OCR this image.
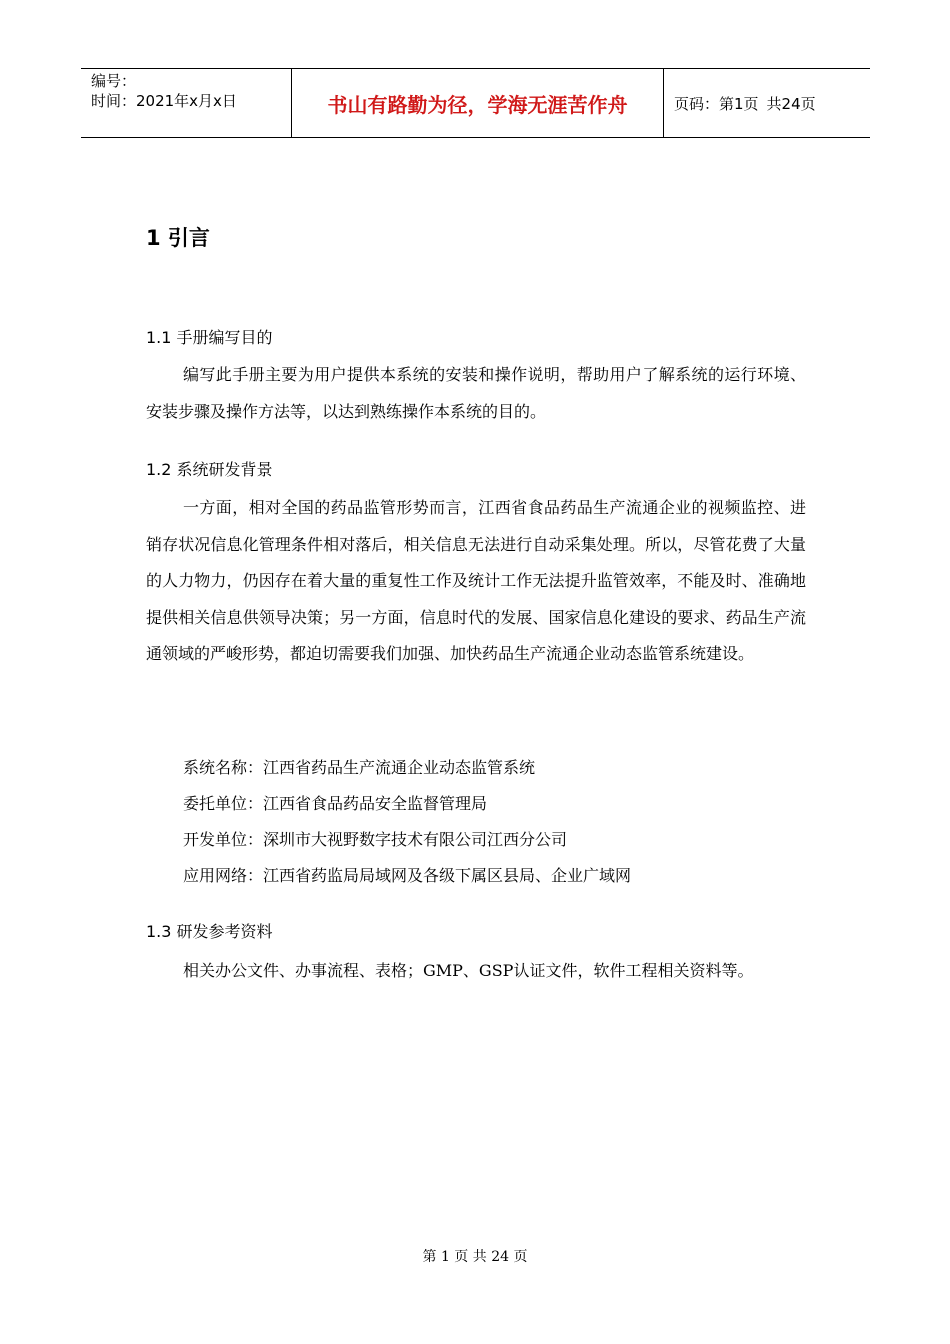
编号：
时间：2021年x月x日	书山有路勤为径，学海无涯苦作舟	页码：第1页 共24页
1 引言
1.1 手册编写目的

编写此手册主要为用户提供本系统的安装和操作说明，帮助用户了解系统的运行环境、安装步骤及操作方法等，以达到熟练操作本系统的目的。

1.2 系统研发背景

一方面，相对全国的药品监管形势而言，江西省食品药品生产流通企业的视频监控、进销存状况信息化管理条件相对落后，相关信息无法进行自动采集处理。所以，尽管花费了大量的人力物力，仍因存在着大量的重复性工作及统计工作无法提升监管效率，不能及时、准确地提供相关信息供领导决策；另一方面，信息时代的发展、国家信息化建设的要求、药品生产流通领域的严峻形势，都迫切需要我们加强、加快药品生产流通企业动态监管系统建设。

系统名称：江西省药品生产流通企业动态监管系统
委托单位：江西省食品药品安全监督管理局
开发单位：深圳市大视野数字技术有限公司江西分公司
应用网络：江西省药监局局域网及各级下属区县局、企业广域网
1.3 研发参考资料

相关办公文件、办事流程、表格；GMP、GSP认证文件，软件工程相关资料等。

第 1 页 共 24 页
